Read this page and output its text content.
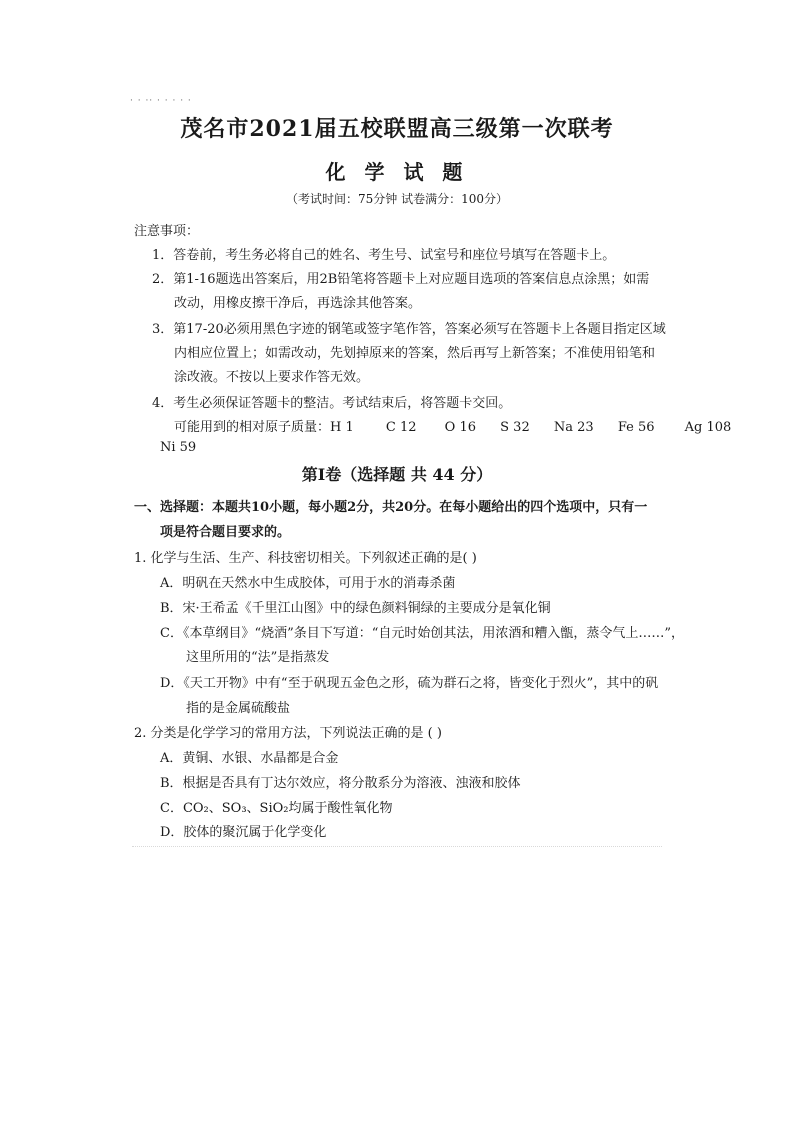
· · ·· · · · · ·
茂名市2021届五校联盟高三级第一次联考
化 学 试 题
（考试时间：75分钟 试卷满分：100分）
注意事项：
1．答卷前，考生务必将自己的姓名、考生号、试室号和座位号填写在答题卡上。
2．第1-16题选出答案后，用2B铅笔将答题卡上对应题目选项的答案信息点涂黑；如需
改动，用橡皮擦干净后，再选涂其他答案。
3．第17-20必须用黑色字迹的钢笔或签字笔作答，答案必须写在答题卡上各题目指定区域
内相应位置上；如需改动，先划掉原来的答案，然后再写上新答案；不准使用铅笔和
涂改液。不按以上要求作答无效。
4．考生必须保证答题卡的整洁。考试结束后，将答题卡交回。
可能用到的相对原子质量：H 1 C 12 O 16 S 32 Na 23 Fe 56 Ag 108
Ni 59
第Ⅰ卷（选择题 共 44 分）
一、选择题：本题共10小题，每小题2分，共20分。在每小题给出的四个选项中，只有一
项是符合题目要求的。
1. 化学与生活、生产、科技密切相关。下列叙述正确的是( )
A．明矾在天然水中生成胶体，可用于水的消毒杀菌
B．宋·王希孟《千里江山图》中的绿色颜料铜绿的主要成分是氧化铜
C．《本草纲目》“烧酒”条目下写道：“自元时始创其法，用浓酒和糟入甑，蒸令气上……”，
这里所用的“法”是指蒸发
D．《天工开物》中有“至于矾现五金色之形，硫为群石之将，皆变化于烈火”，其中的矾
指的是金属硫酸盐
2. 分类是化学学习的常用方法，下列说法正确的是 ( )
A．黄铜、水银、水晶都是合金
B．根据是否具有丁达尔效应，将分散系分为溶液、浊液和胶体
C．CO₂、SO₃、SiO₂均属于酸性氧化物
D．胶体的聚沉属于化学变化
